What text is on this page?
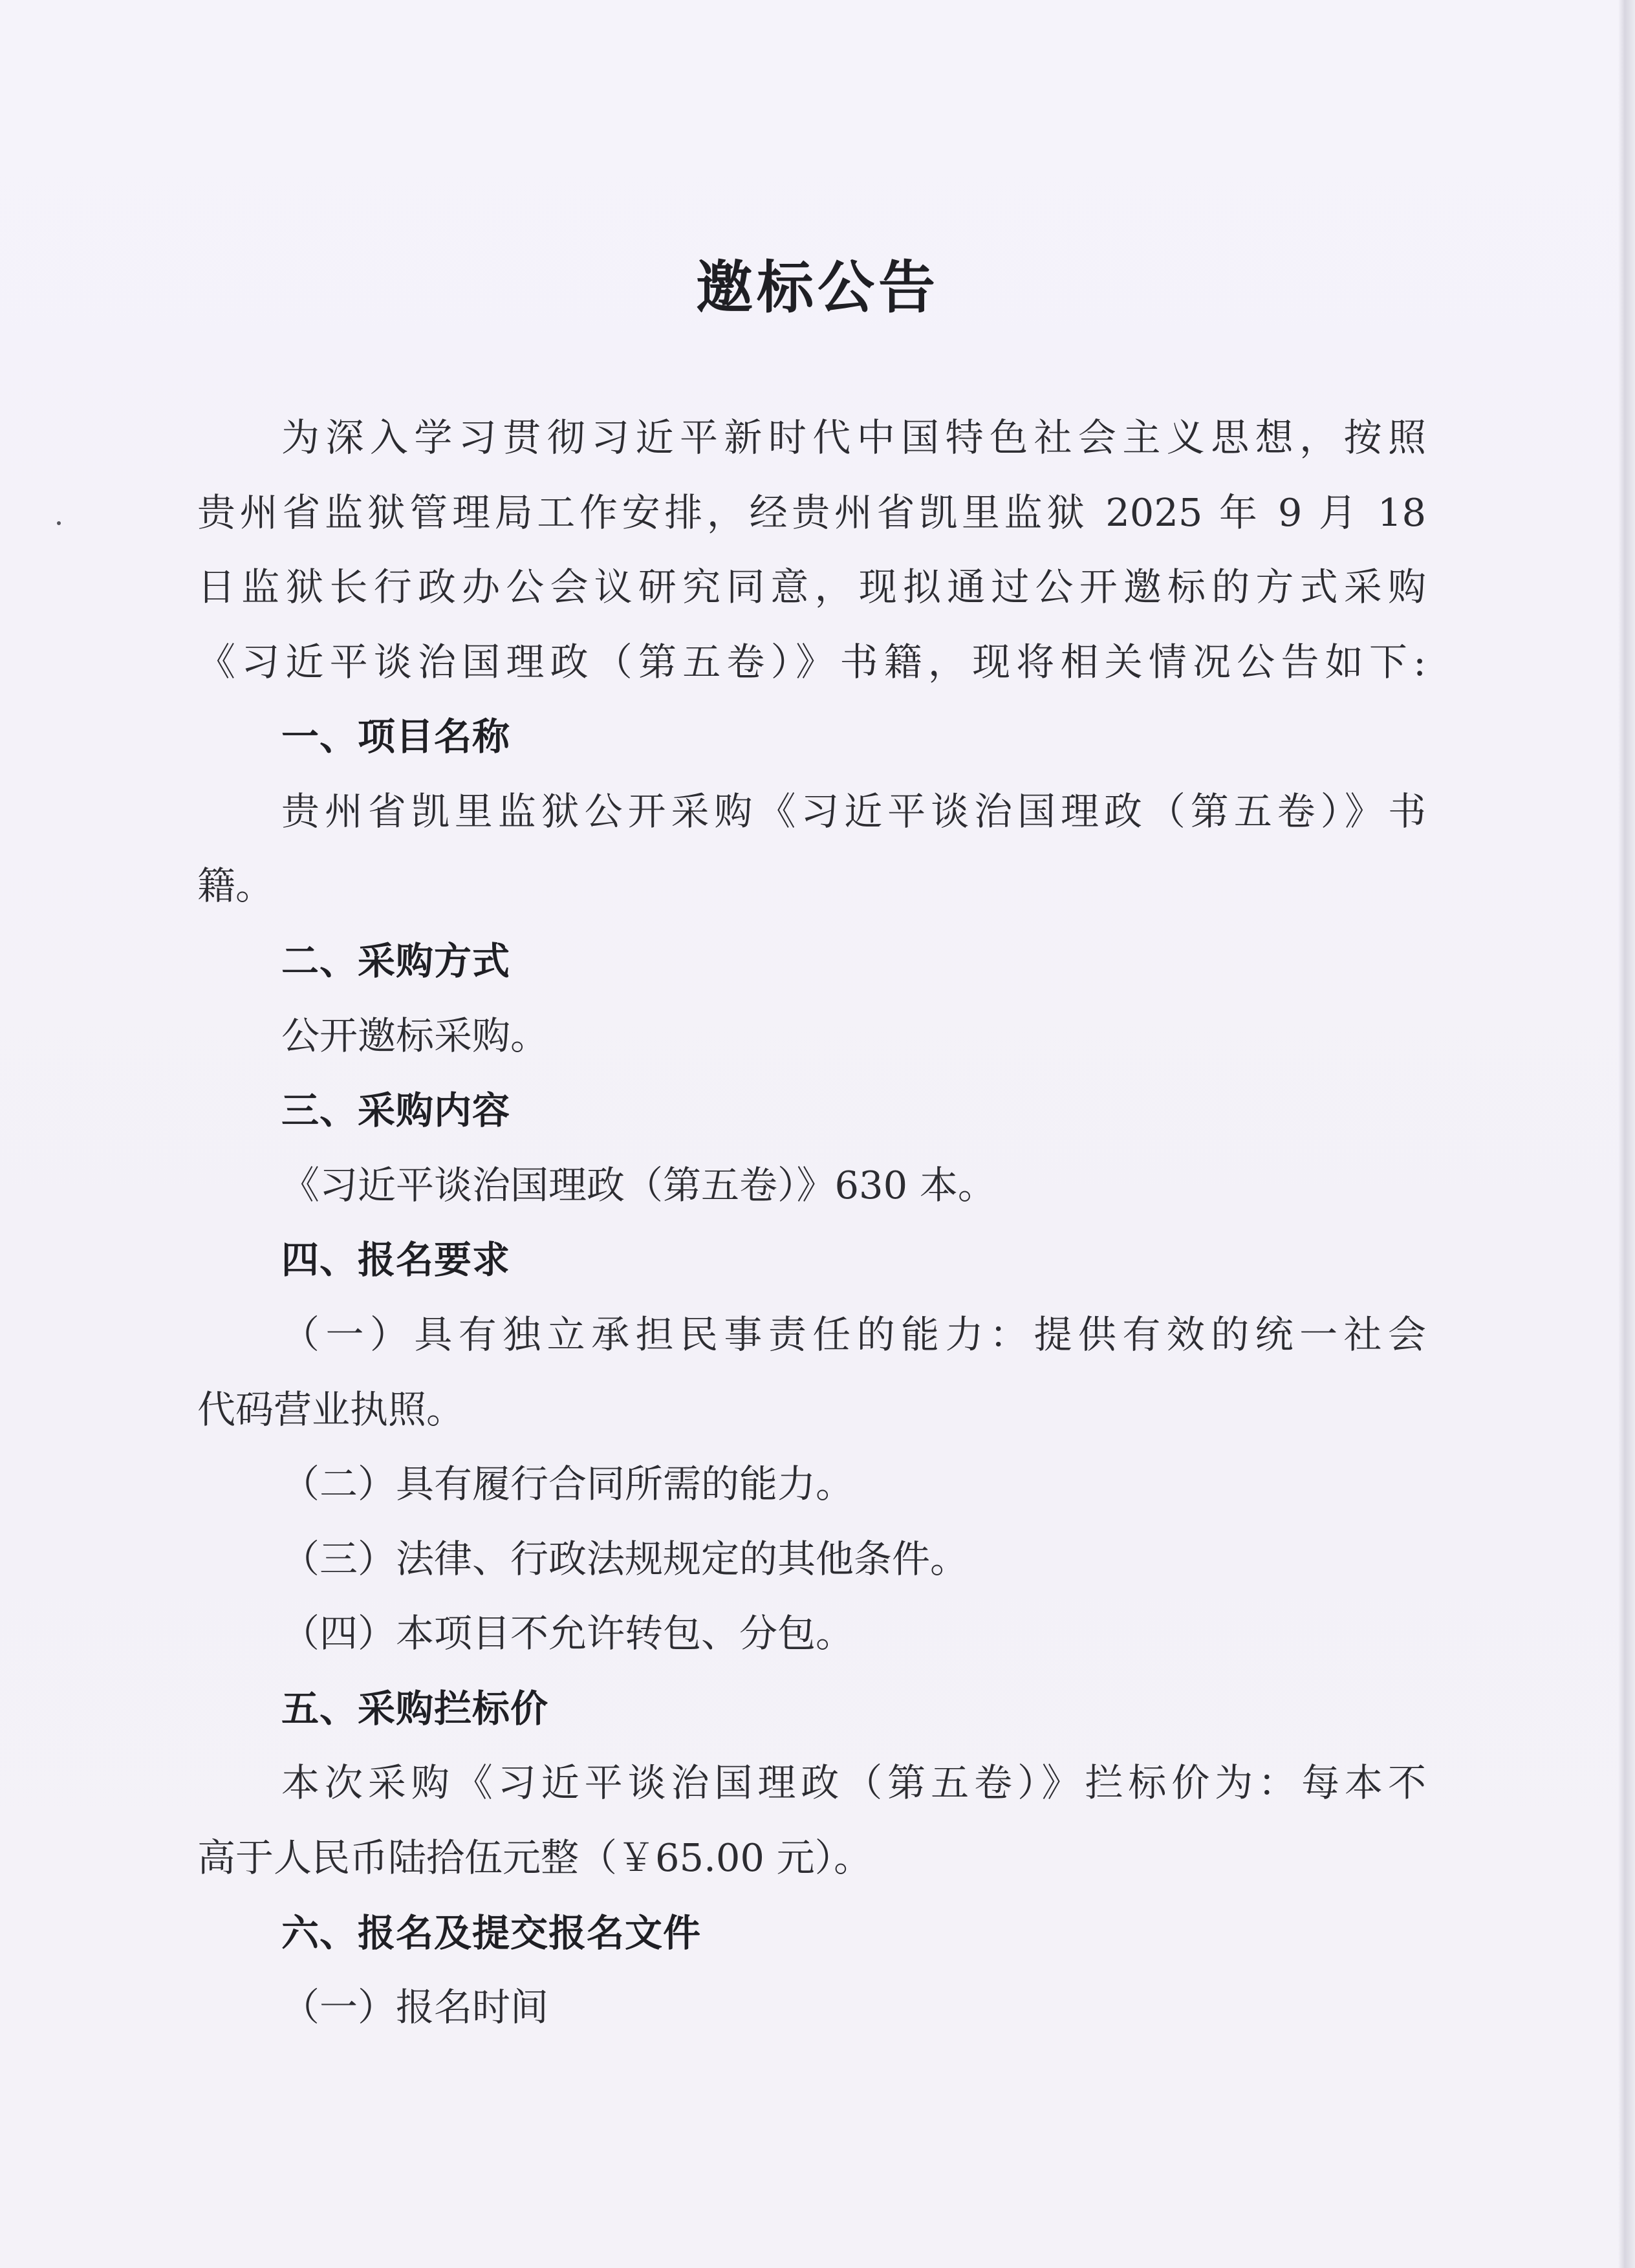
邀标公告
为深入学习贯彻习近平新时代中国特色社会主义思想，按照
贵州省监狱管理局工作安排，经贵州省凯里监狱 2025 年 9 月 18
日监狱长行政办公会议研究同意，现拟通过公开邀标的方式采购
《习近平谈治国理政（第五卷）》书籍，现将相关情况公告如下:
一、项目名称
贵州省凯里监狱公开采购《习近平谈治国理政（第五卷）》书
籍。
二、采购方式
公开邀标采购。
三、采购内容
《习近平谈治国理政（第五卷）》630 本。
四、报名要求
（一）具有独立承担民事责任的能力：提供有效的统一社会
代码营业执照。
（二）具有履行合同所需的能力。
（三）法律、行政法规规定的其他条件。
（四）本项目不允许转包、分包。
五、采购拦标价
本次采购《习近平谈治国理政（第五卷）》拦标价为：每本不
高于人民币陆拾伍元整（￥65.00 元）。
六、报名及提交报名文件
（一）报名时间
